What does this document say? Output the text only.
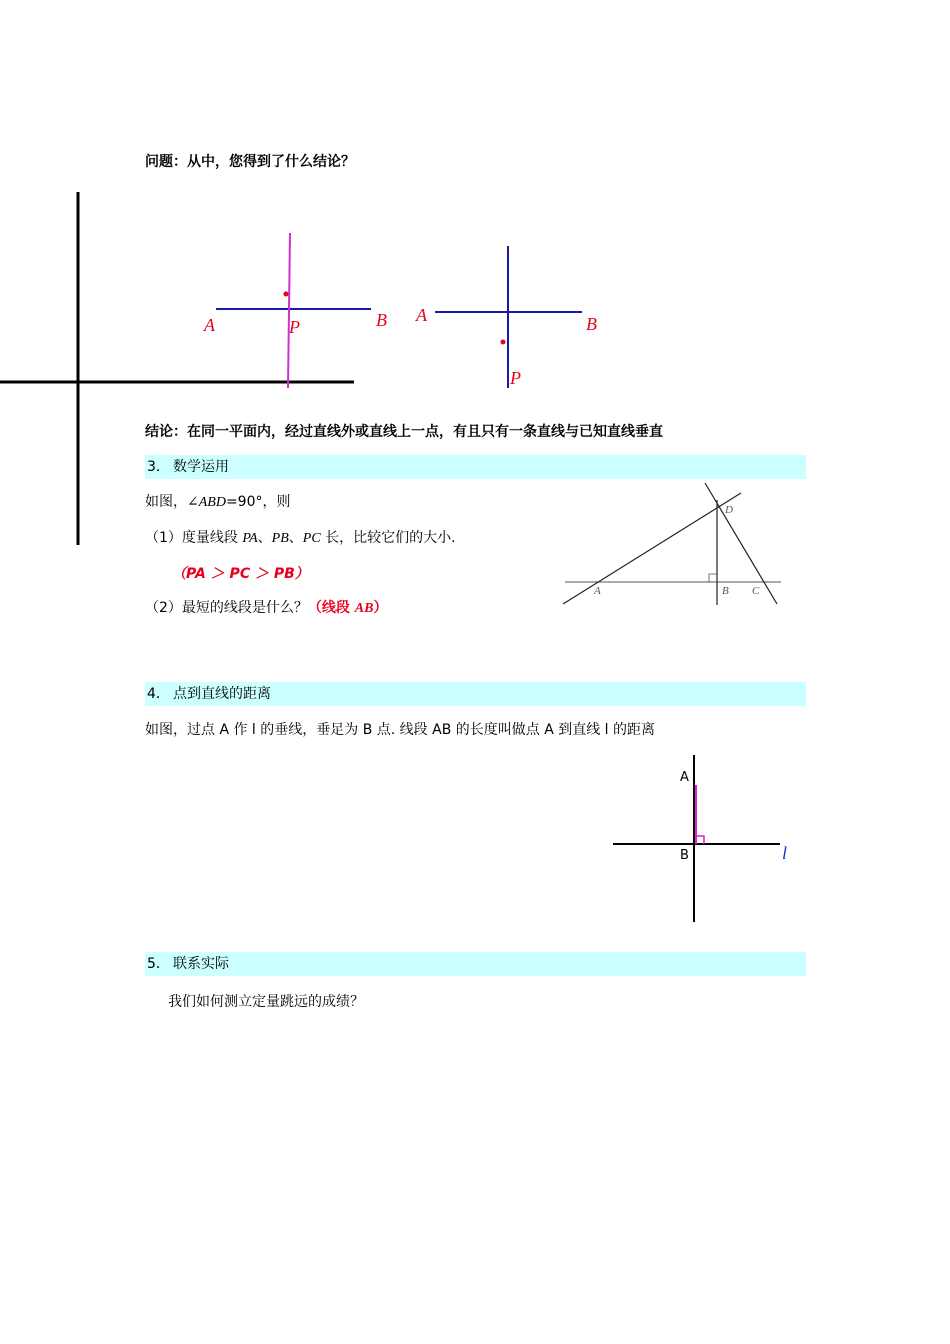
问题：从中，您得到了什么结论？
A	P	B A	B
P
结论：在同一平面内，经过直线外或直线上一点，有且只有一条直线与已知直线垂直
3． 数学运用
如图，∠ABD=90°，则
（1）度量线段 PA、PB、PC 长，比较它们的大小.
（PA ＞ PC ＞ PB）
（2）最短的线段是什么？（线段 AB）
A	B C
D
4． 点到直线的距离
如图，过点 A 作 l 的垂线，垂足为 B 点. 线段 AB 的长度叫做点 A 到直线 l 的距离
A
B	l
5． 联系实际
我们如何测立定量跳远的成绩？
